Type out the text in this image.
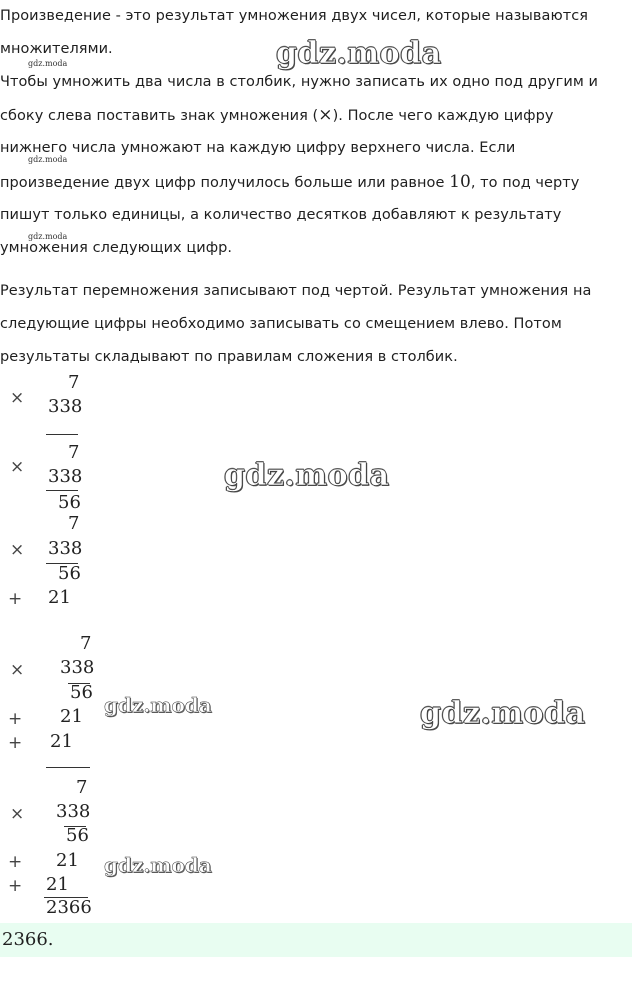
Произведение - это результат умножения двух чисел, которые называются
множителями.
Чтобы умножить два числа в столбик, нужно записать их одно под другим и
сбоку слева поставить знак умножения (×). После чего каждую цифру
нижнего числа умножают на каждую цифру верхнего числа. Если
произведение двух цифр получилось больше или равное 10, то под черту
пишут только единицы, а количество десятков добавляют к результату
умножения следующих цифр.
Результат перемножения записывают под чертой. Результат умножения на
следующие цифры необходимо записывать со смещением влево. Потом
результаты складывают по правилам сложения в столбик.
gdz.moda
gdz.moda
gdz.moda
gdz.moda
gdz.moda
gdz.moda
gdz.moda
gdz.moda
7
× 338
7
× 338
56
7
× 338
56
+ 21
7
× 338
56
+ 21
+ 21
7
× 338
56
+ 21
+ 21
2366
2366.
